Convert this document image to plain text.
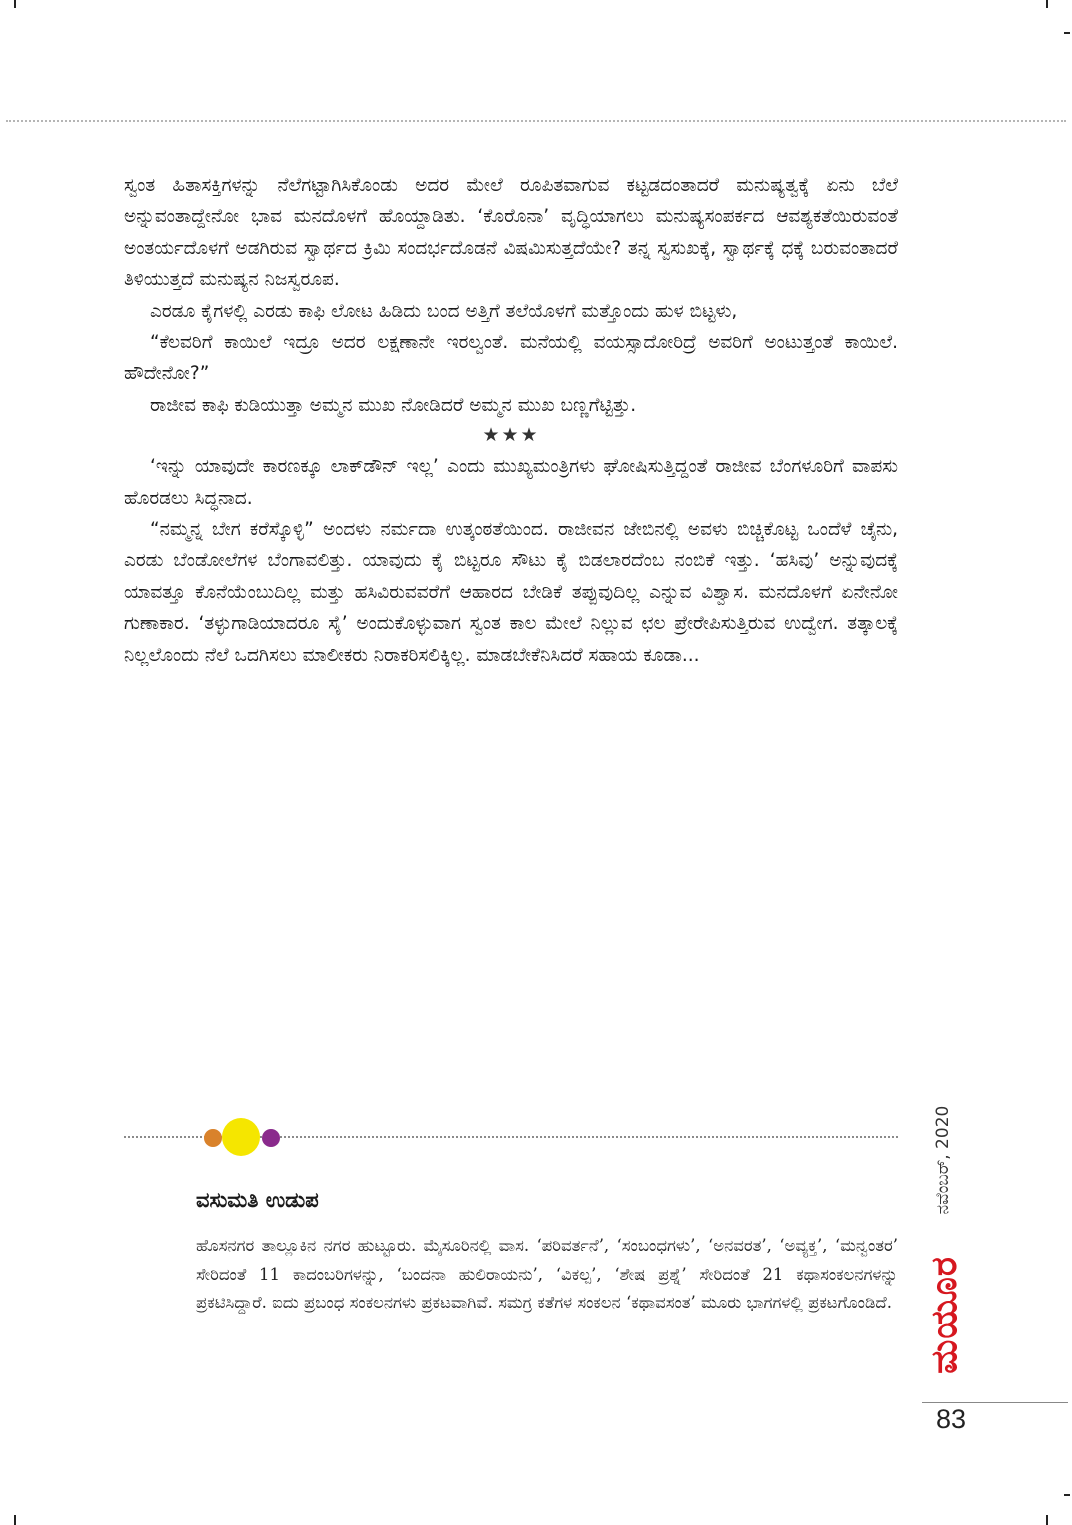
ಸ್ವಂತ ಹಿತಾಸಕ್ತಿಗಳನ್ನು ನೆಲೆಗಟ್ಟಾಗಿಸಿಕೊಂಡು ಅದರ ಮೇಲೆ ರೂಪಿತವಾಗುವ ಕಟ್ಟಡದಂತಾದರೆ ಮನುಷ್ಯತ್ವಕ್ಕೆ ಏನು ಬೆಲೆ ಅನ್ನುವಂತಾದ್ದೇನೋ ಭಾವ ಮನದೊಳಗೆ ಹೊಯ್ದಾಡಿತು. ‘ಕೊರೊನಾ’ ವೃದ್ಧಿಯಾಗಲು ಮನುಷ್ಯಸಂಪರ್ಕದ ಆವಶ್ಯಕತೆಯಿರುವಂತೆ ಅಂತರ್ಯದೊಳಗೆ ಅಡಗಿರುವ ಸ್ವಾರ್ಥದ ಕ್ರಿಮಿ ಸಂದರ್ಭದೊಡನೆ ವಿಷಮಿಸುತ್ತದೆಯೇ? ತನ್ನ ಸ್ವಸುಖಕ್ಕೆ, ಸ್ವಾರ್ಥಕ್ಕೆ ಧಕ್ಕೆ ಬರುವಂತಾದರೆ ತಿಳಿಯುತ್ತದೆ ಮನುಷ್ಯನ ನಿಜಸ್ವರೂಪ.

ಎರಡೂ ಕೈಗಳಲ್ಲಿ ಎರಡು ಕಾಫಿ ಲೋಟ ಹಿಡಿದು ಬಂದ ಅತ್ತಿಗೆ ತಲೆಯೊಳಗೆ ಮತ್ತೊಂದು ಹುಳ ಬಿಟ್ಟಳು,

“ಕೆಲವರಿಗೆ ಕಾಯಿಲೆ ಇದ್ರೂ ಅದರ ಲಕ್ಷಣಾನೇ ಇರಲ್ವಂತೆ. ಮನೆಯಲ್ಲಿ ವಯಸ್ಸಾದೋರಿದ್ರೆ ಅವರಿಗೆ ಅಂಟುತ್ತಂತೆ ಕಾಯಿಲೆ. ಹೌದೇನೋ?”

ರಾಜೀವ ಕಾಫಿ ಕುಡಿಯುತ್ತಾ ಅಮ್ಮನ ಮುಖ ನೋಡಿದರೆ ಅಮ್ಮನ ಮುಖ ಬಣ್ಣಗೆಟ್ಟಿತ್ತು.

★★★

‘ಇನ್ನು ಯಾವುದೇ ಕಾರಣಕ್ಕೂ ಲಾಕ್‌ಡೌನ್ ಇಲ್ಲ’ ಎಂದು ಮುಖ್ಯಮಂತ್ರಿಗಳು ಘೋಷಿಸುತ್ತಿದ್ದಂತೆ ರಾಜೀವ ಬೆಂಗಳೂರಿಗೆ ವಾಪಸು ಹೊರಡಲು ಸಿದ್ಧನಾದ.

“ನಮ್ಮನ್ನ ಬೇಗ ಕರೆಸ್ಕೊಳ್ಳಿ” ಅಂದಳು ನರ್ಮದಾ ಉತ್ಕಂಠತೆಯಿಂದ. ರಾಜೀವನ ಜೇಬಿನಲ್ಲಿ ಅವಳು ಬಿಚ್ಚಿಕೊಟ್ಟ ಒಂದೆಳೆ ಚೈನು, ಎರಡು ಬೆಂಡೋಲೆಗಳ ಬೆಂಗಾವಲಿತ್ತು. ಯಾವುದು ಕೈ ಬಿಟ್ಟರೂ ಸೌಟು ಕೈ ಬಿಡಲಾರದೆಂಬ ನಂಬಿಕೆ ಇತ್ತು. ‘ಹಸಿವು’ ಅನ್ನುವುದಕ್ಕೆ ಯಾವತ್ತೂ ಕೊನೆಯೆಂಬುದಿಲ್ಲ ಮತ್ತು ಹಸಿವಿರುವವರೆಗೆ ಆಹಾರದ ಬೇಡಿಕೆ ತಪ್ಪುವುದಿಲ್ಲ ಎನ್ನುವ ವಿಶ್ವಾಸ. ಮನದೊಳಗೆ ಏನೇನೋ ಗುಣಾಕಾರ. ‘ತಳ್ಳುಗಾಡಿಯಾದರೂ ಸೈ’ ಅಂದುಕೊಳ್ಳುವಾಗ ಸ್ವಂತ ಕಾಲ ಮೇಲೆ ನಿಲ್ಲುವ ಛಲ ಪ್ರೇರೇಪಿಸುತ್ತಿರುವ ಉದ್ವೇಗ. ತತ್ಕಾಲಕ್ಕೆ ನಿಲ್ಲಲೊಂದು ನೆಲೆ ಒದಗಿಸಲು ಮಾಲೀಕರು ನಿರಾಕರಿಸಲಿಕ್ಕಿಲ್ಲ. ಮಾಡಬೇಕೆನಿಸಿದರೆ ಸಹಾಯ ಕೂಡಾ...

ವಸುಮತಿ ಉಡುಪ
ಹೊಸನಗರ ತಾಲ್ಲೂಕಿನ ನಗರ ಹುಟ್ಟೂರು. ಮೈಸೂರಿನಲ್ಲಿ ವಾಸ. ‘ಪರಿವರ್ತನೆ’, ‘ಸಂಬಂಧಗಳು’, ‘ಅನವರತ’, ‘ಅವ್ಯಕ್ತ’, ‘ಮನ್ವಂತರ’ ಸೇರಿದಂತೆ 11 ಕಾದಂಬರಿಗಳನ್ನು, ‘ಬಂದನಾ ಹುಲಿರಾಯನು’, ‘ವಿಕಲ್ಪ’, ‘ಶೇಷ ಪ್ರಶ್ನೆ’ ಸೇರಿದಂತೆ 21 ಕಥಾಸಂಕಲನಗಳನ್ನು ಪ್ರಕಟಿಸಿದ್ದಾರೆ. ಐದು ಪ್ರಬಂಧ ಸಂಕಲನಗಳು ಪ್ರಕಟವಾಗಿವೆ. ಸಮಗ್ರ ಕತೆಗಳ ಸಂಕಲನ ‘ಕಥಾವಸಂತ’ ಮೂರು ಭಾಗಗಳಲ್ಲಿ ಪ್ರಕಟಗೊಂಡಿದೆ.
ನವೆಂಬರ್, 2020
ಮಯೂರ
83
